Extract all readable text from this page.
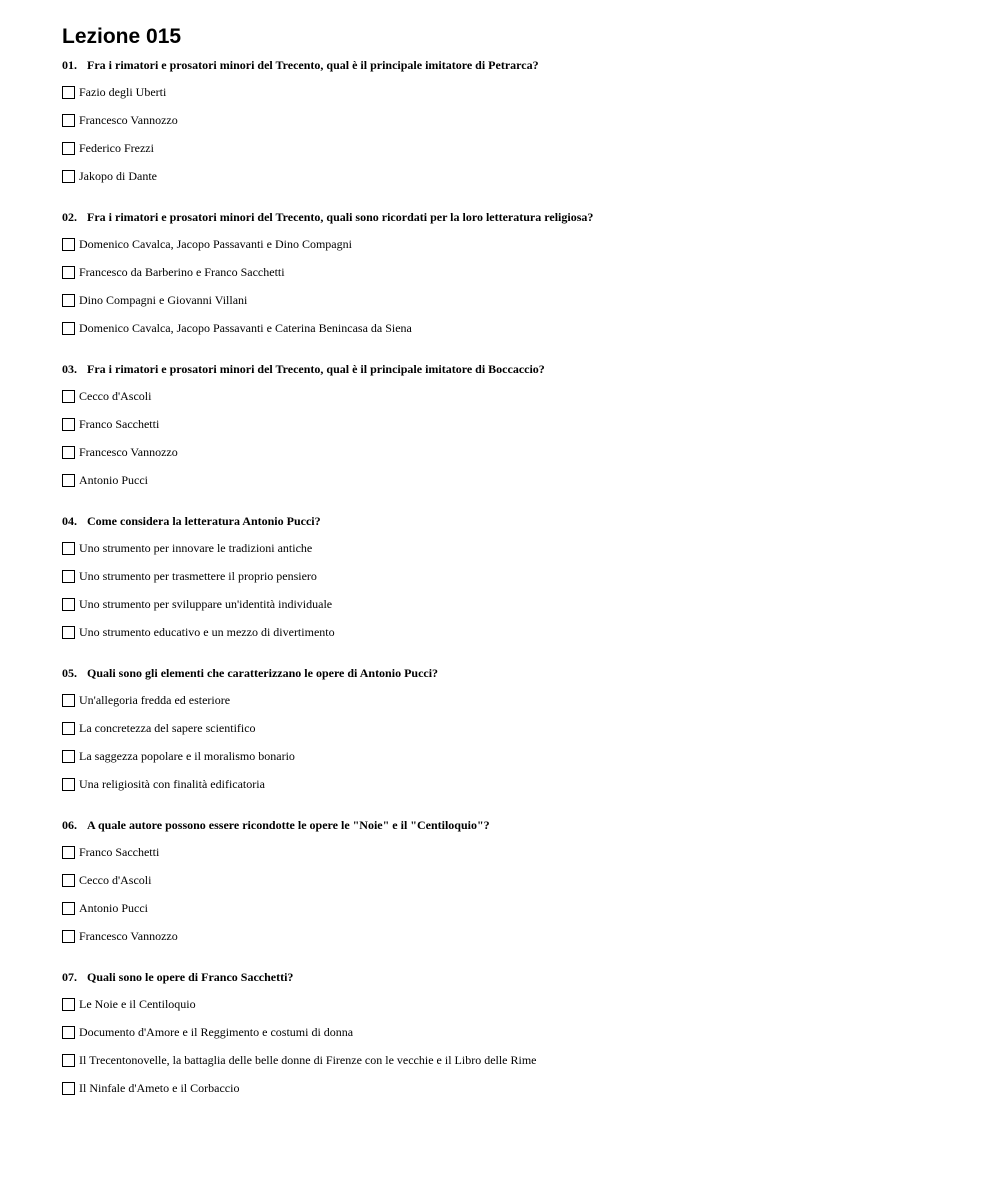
Lezione 015

01. Fra i rimatori e prosatori minori del Trecento, qual è il principale imitatore di Petrarca?

Fazio degli Uberti
Francesco Vannozzo
Federico Frezzi
Jakopo di Dante

02. Fra i rimatori e prosatori minori del Trecento, quali sono ricordati per la loro letteratura religiosa?

Domenico Cavalca, Jacopo Passavanti e Dino Compagni
Francesco da Barberino e Franco Sacchetti
Dino Compagni e Giovanni Villani
Domenico Cavalca, Jacopo Passavanti e Caterina Benincasa da Siena

03. Fra i rimatori e prosatori minori del Trecento, qual è il principale imitatore di Boccaccio?

Cecco d'Ascoli
Franco Sacchetti
Francesco Vannozzo
Antonio Pucci

04. Come considera la letteratura Antonio Pucci?

Uno strumento per innovare le tradizioni antiche
Uno strumento per trasmettere il proprio pensiero
Uno strumento per sviluppare un'identità individuale
Uno strumento educativo e un mezzo di divertimento

05. Quali sono gli elementi che caratterizzano le opere di Antonio Pucci?

Un'allegoria fredda ed esteriore
La concretezza del sapere scientifico
La saggezza popolare e il moralismo bonario
Una religiosità con finalità edificatoria

06. A quale autore possono essere ricondotte le opere le "Noie" e il "Centiloquio"?

Franco Sacchetti
Cecco d'Ascoli
Antonio Pucci
Francesco Vannozzo

07. Quali sono le opere di Franco Sacchetti?

Le Noie e il Centiloquio
Documento d'Amore e il Reggimento e costumi di donna
Il Trecentonovelle, la battaglia delle belle donne di Firenze con le vecchie e il Libro delle Rime
Il Ninfale d'Ameto e il Corbaccio
